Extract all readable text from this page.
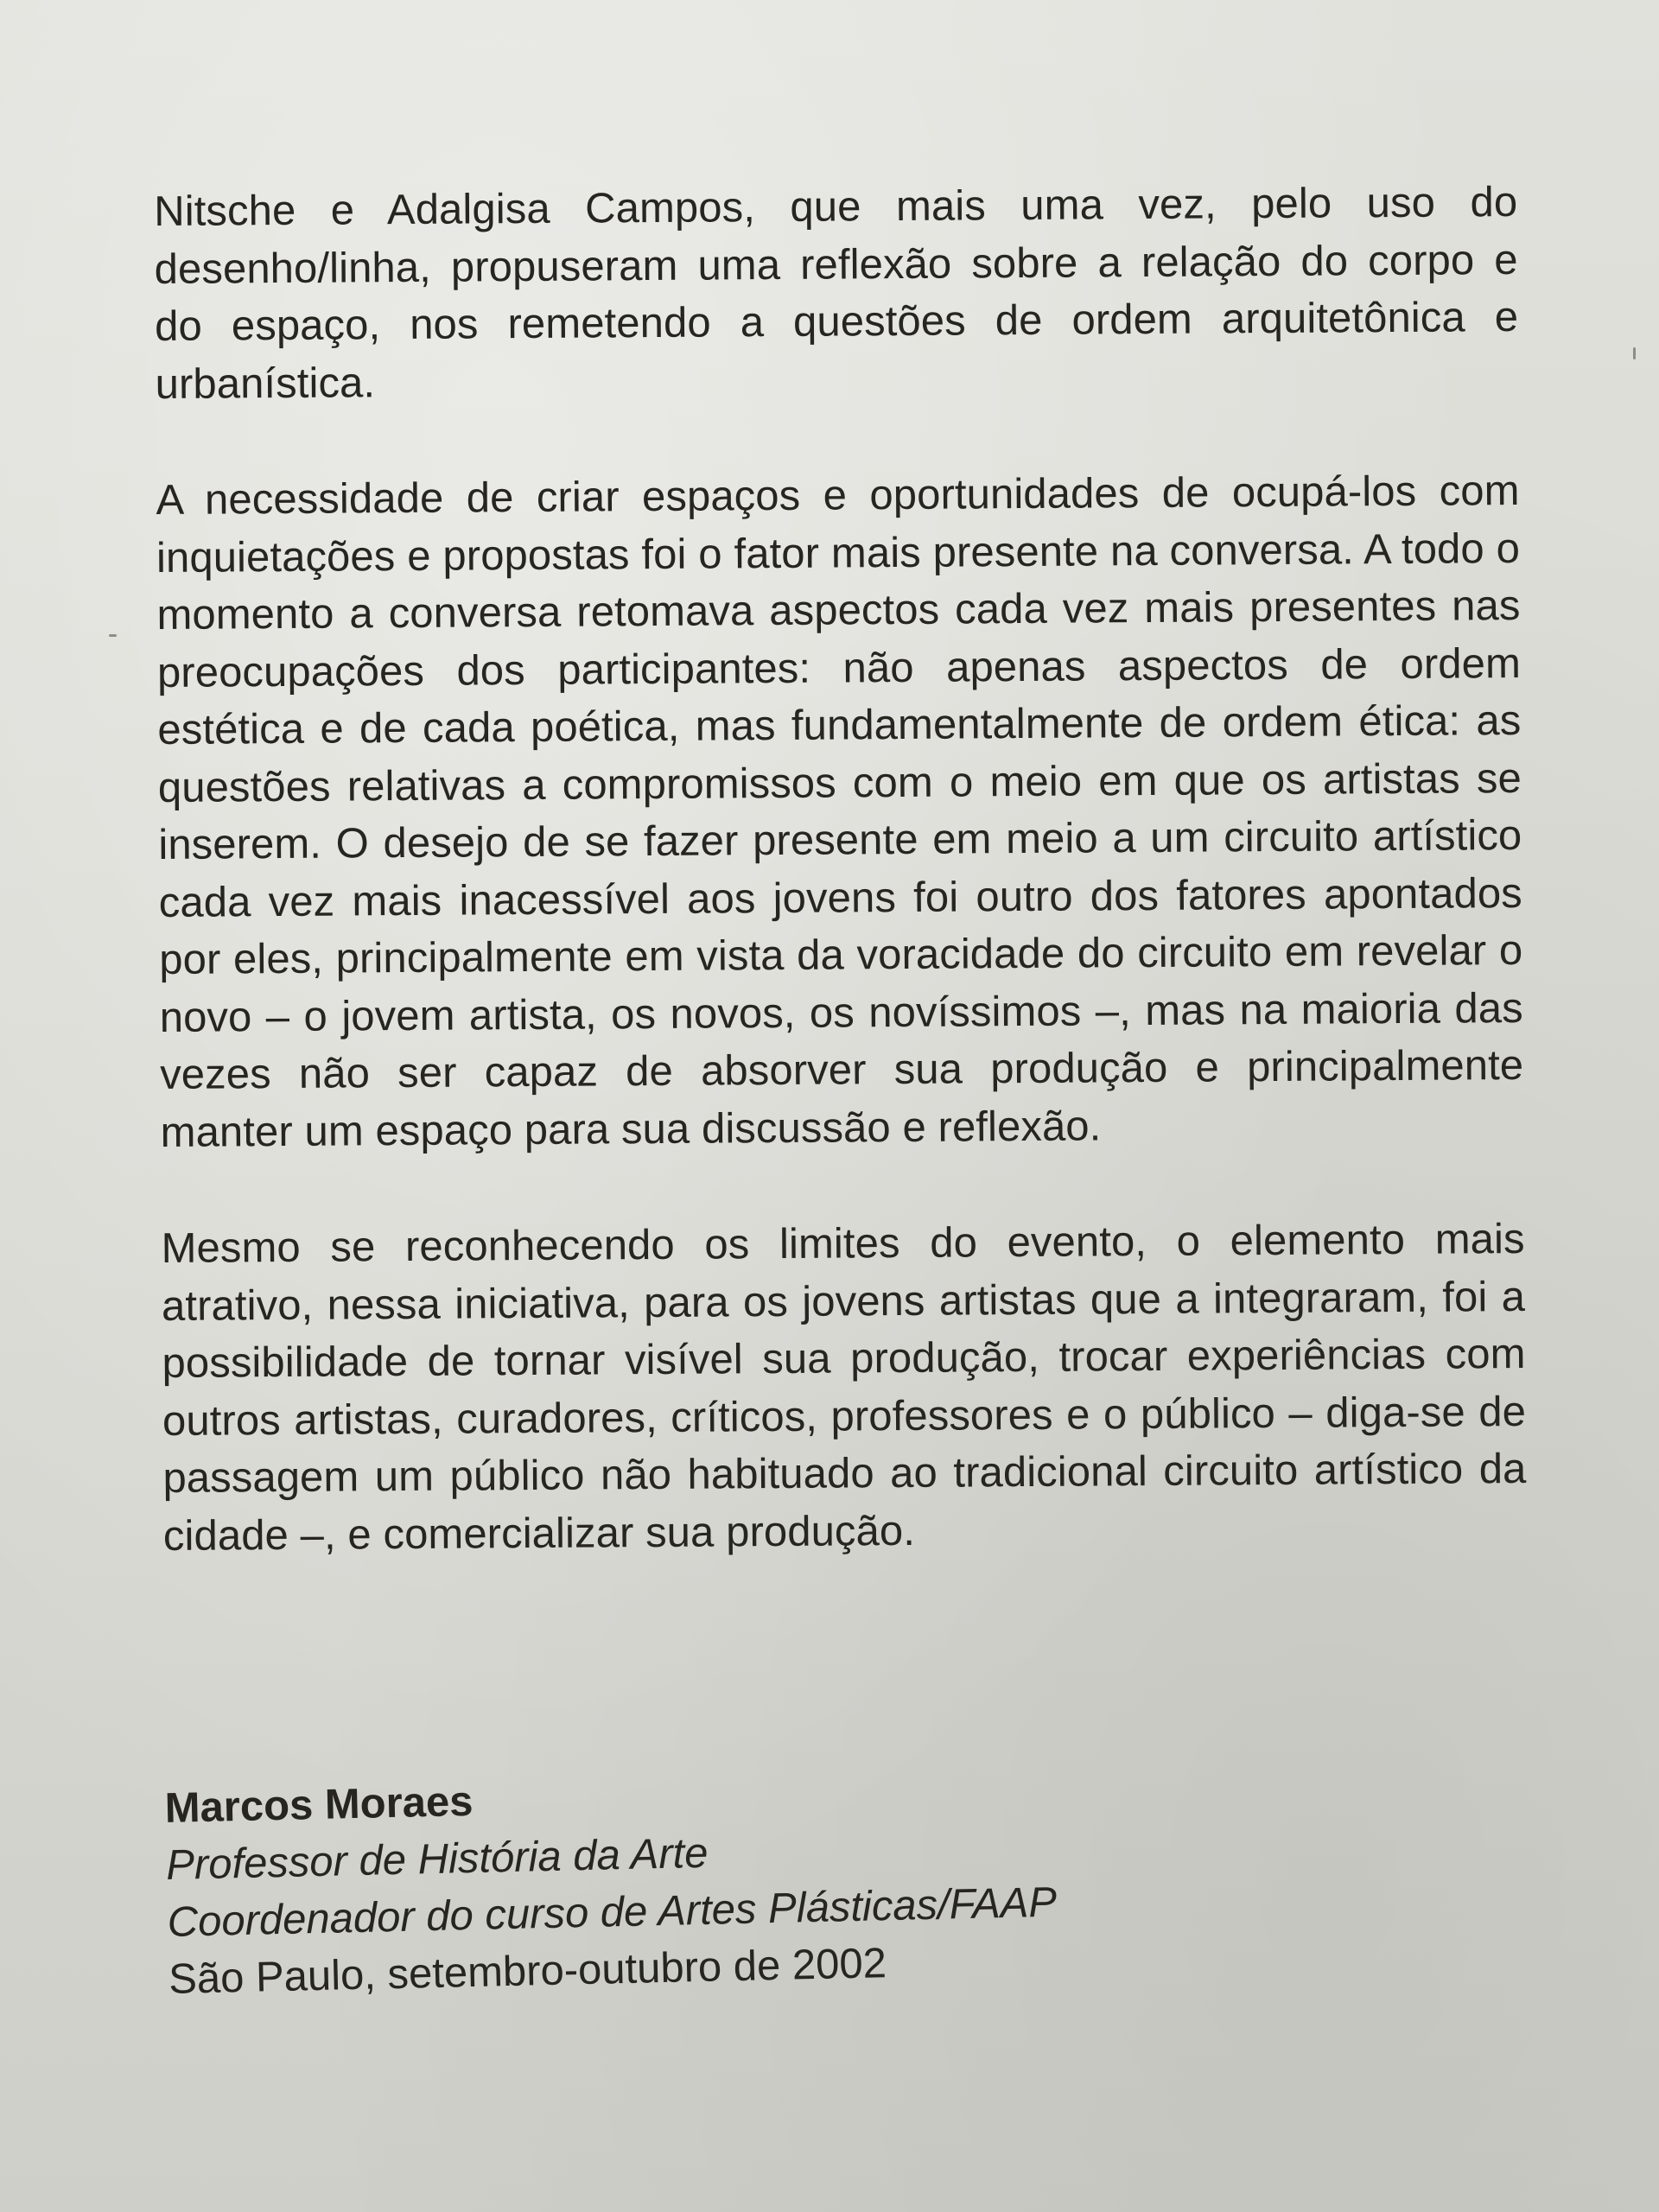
Nitsche e Adalgisa Campos, que mais uma vez, pelo uso do desenho/linha, propuseram uma reflexão sobre a relação do corpo e do espaço, nos remetendo a questões de ordem arquitetônica e urbanística.

A necessidade de criar espaços e oportunidades de ocupá-los com inquietações e propostas foi o fator mais presente na conversa. A todo o momento a conversa retomava aspectos cada vez mais presentes nas preocupações dos participantes: não apenas aspectos de ordem estética e de cada poética, mas fundamentalmente de ordem ética: as questões relativas a compromissos com o meio em que os artistas se inserem. O desejo de se fazer presente em meio a um circuito artístico cada vez mais inacessível aos jovens foi outro dos fatores apontados por eles, principalmente em vista da voracidade do circuito em revelar o novo – o jovem artista, os novos, os novíssimos –, mas na maioria das vezes não ser capaz de absorver sua produção e principalmente manter um espaço para sua discussão e reflexão.

Mesmo se reconhecendo os limites do evento, o elemento mais atrativo, nessa iniciativa, para os jovens artistas que a integraram, foi a possibilidade de tornar visível sua produção, trocar experiências com outros artistas, curadores, críticos, professores e o público – diga-se de passagem um público não habituado ao tradicional circuito artístico da cidade –, e comercializar sua produção.

Marcos Moraes
Professor de História da Arte
Coordenador do curso de Artes Plásticas/FAAP
São Paulo, setembro-outubro de 2002
